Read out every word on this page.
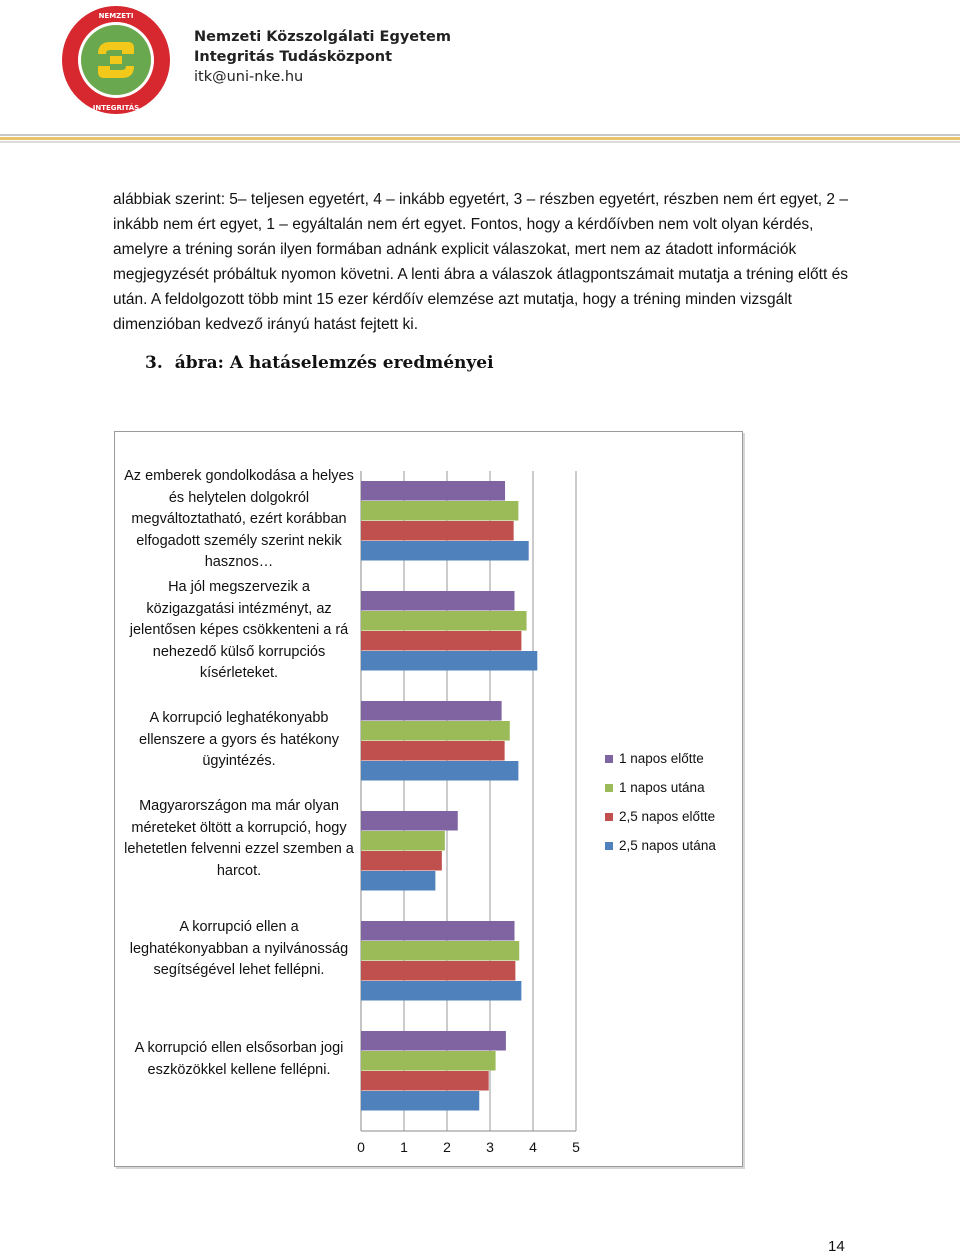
NEMZETI
INTEGRITÁS
Nemzeti Közszolgálati Egyetem
Integritás Tudásközpont
itk@uni-nke.hu

alábbiak szerint: 5– teljesen egyetért, 4 – inkább egyetért, 3 – részben egyetért, részben nem ért egyet, 2 – inkább nem ért egyet, 1 – egyáltalán nem ért egyet. Fontos, hogy a kérdőívben nem volt olyan kérdés, amelyre a tréning során ilyen formában adnánk explicit válaszokat, mert nem az átadott információk megjegyzését próbáltuk nyomon követni. A lenti ábra a válaszok átlagpontszámait mutatja a tréning előtt és után. A feldolgozott több mint 15 ezer kérdőív elemzése azt mutatja, hogy a tréning minden vizsgált dimenzióban kedvező irányú hatást fejtett ki.

3. ábra: A hatáselemzés eredményei
0	1	2	3	4	5
Az emberek gondolkodása a helyes és helytelen dolgokról megváltoztatható, ezért korábban elfogadott személy szerint nekik hasznos…
Ha jól megszervezik a közigazgatási intézményt, az jelentősen képes csökkenteni a rá nehezedő külső korrupciós kísérleteket.
A korrupció leghatékonyabb ellenszere a gyors és hatékony ügyintézés.
Magyarországon ma már olyan méreteket öltött a korrupció, hogy lehetetlen felvenni ezzel szemben a harcot.
A korrupció ellen a leghatékonyabban a nyilvánosság segítségével lehet fellépni.
A korrupció ellen elsősorban jogi eszközökkel kellene fellépni.
1 napos előtte
1 napos utána
2,5 napos előtte
2,5 napos utána
14
